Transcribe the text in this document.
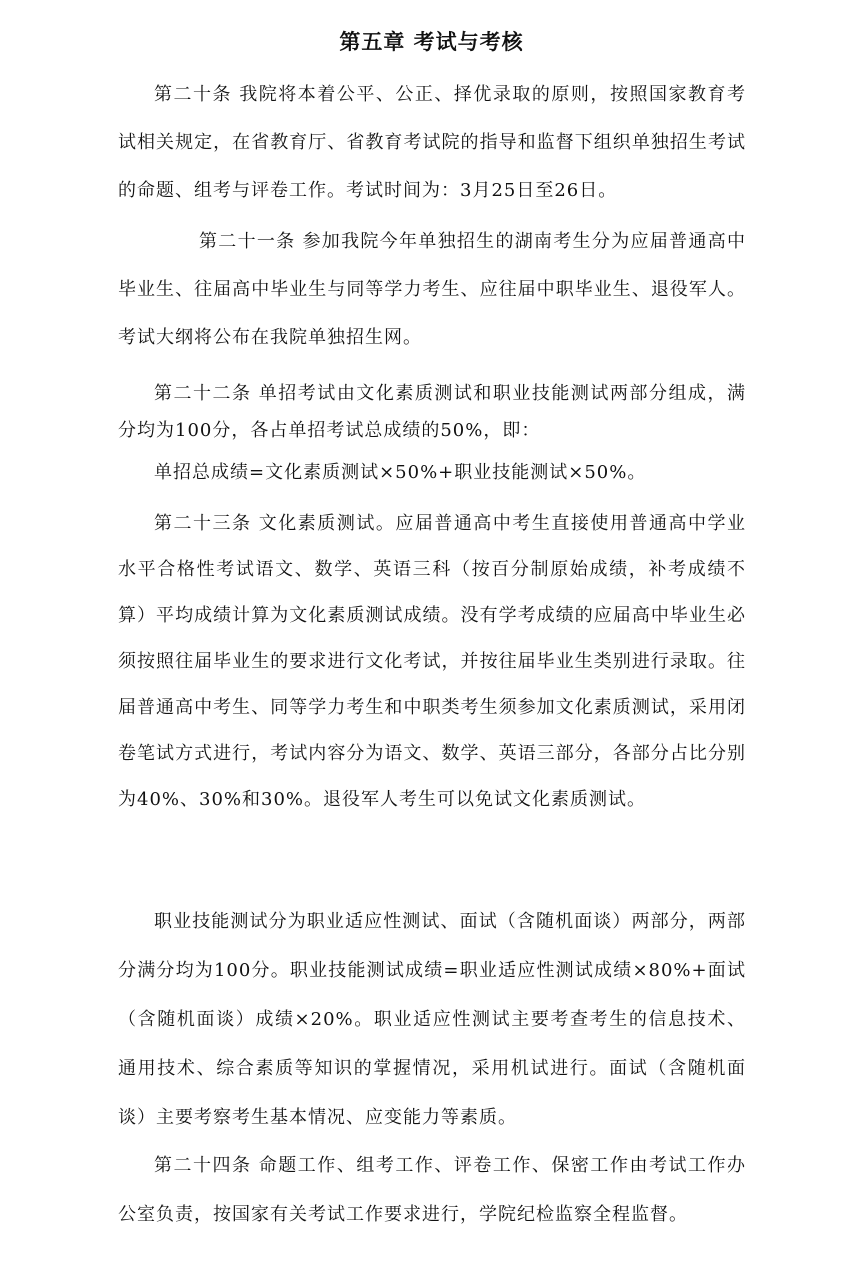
第五章 考试与考核

第二十条 我院将本着公平、公正、择优录取的原则，按照国家教育考试相关规定，在省教育厅、省教育考试院的指导和监督下组织单独招生考试的命题、组考与评卷工作。考试时间为：3月25日至26日。

第二十一条 参加我院今年单独招生的湖南考生分为应届普通高中毕业生、往届高中毕业生与同等学力考生、应往届中职毕业生、退役军人。考试大纲将公布在我院单独招生网。

第二十二条 单招考试由文化素质测试和职业技能测试两部分组成，满分均为100分，各占单招考试总成绩的50%，即：

单招总成绩=文化素质测试×50%+职业技能测试×50%。

第二十三条 文化素质测试。应届普通高中考生直接使用普通高中学业水平合格性考试语文、数学、英语三科（按百分制原始成绩，补考成绩不算）平均成绩计算为文化素质测试成绩。没有学考成绩的应届高中毕业生必须按照往届毕业生的要求进行文化考试，并按往届毕业生类别进行录取。往届普通高中考生、同等学力考生和中职类考生须参加文化素质测试，采用闭卷笔试方式进行，考试内容分为语文、数学、英语三部分，各部分占比分别为40%、30%和30%。退役军人考生可以免试文化素质测试。

职业技能测试分为职业适应性测试、面试（含随机面谈）两部分，两部分满分均为100分。职业技能测试成绩=职业适应性测试成绩×80%+面试（含随机面谈）成绩×20%。职业适应性测试主要考查考生的信息技术、通用技术、综合素质等知识的掌握情况，采用机试进行。面试（含随机面谈）主要考察考生基本情况、应变能力等素质。

第二十四条 命题工作、组考工作、评卷工作、保密工作由考试工作办公室负责，按国家有关考试工作要求进行，学院纪检监察全程监督。
